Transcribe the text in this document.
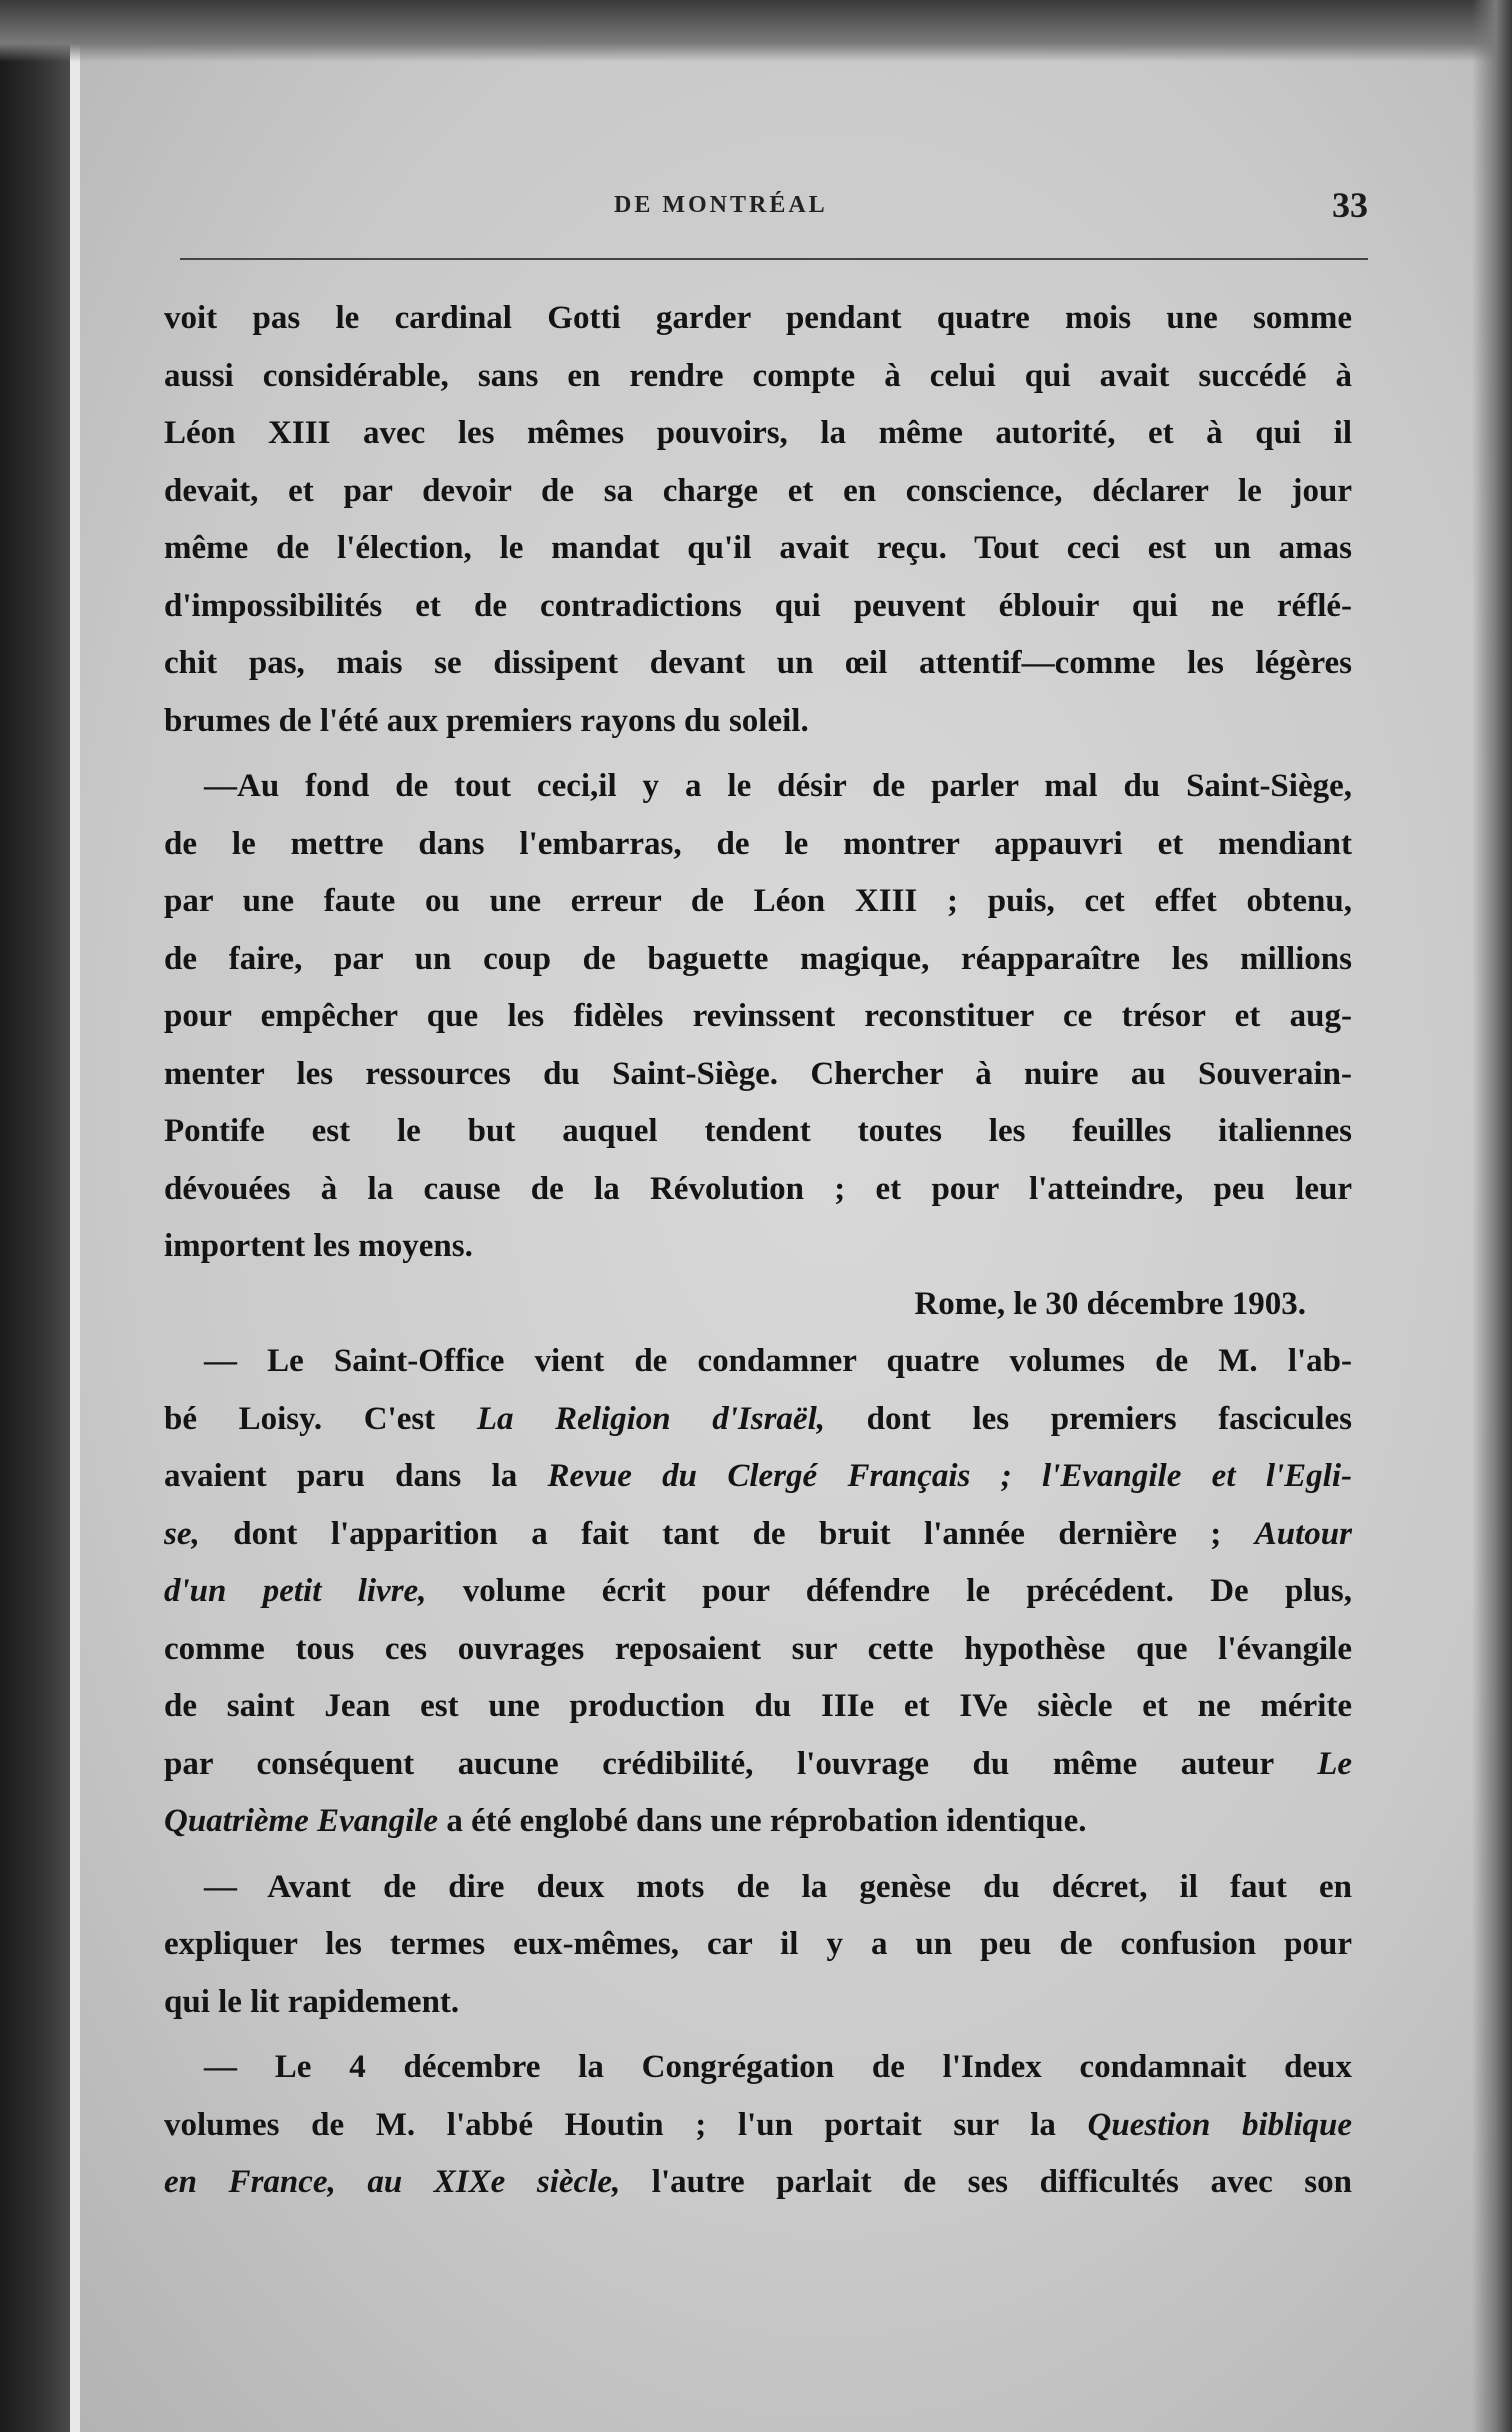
DE MONTRÉAL	33
voit pas le cardinal Gotti garder pendant quatre mois une somme
aussi considérable, sans en rendre compte à celui qui avait succédé à
Léon XIII avec les mêmes pouvoirs, la même autorité, et à qui il
devait, et par devoir de sa charge et en conscience, déclarer le jour
même de l'élection, le mandat qu'il avait reçu. Tout ceci est un amas
d'impossibilités et de contradictions qui peuvent éblouir qui ne réflé-
chit pas, mais se dissipent devant un œil attentif—comme les légères
brumes de l'été aux premiers rayons du soleil.
—Au fond de tout ceci,il y a le désir de parler mal du Saint-Siège,
de le mettre dans l'embarras, de le montrer appauvri et mendiant
par une faute ou une erreur de Léon XIII ; puis, cet effet obtenu,
de faire, par un coup de baguette magique, réapparaître les millions
pour empêcher que les fidèles revinssent reconstituer ce trésor et aug-
menter les ressources du Saint-Siège. Chercher à nuire au Souverain-
Pontife est le but auquel tendent toutes les feuilles italiennes
dévouées à la cause de la Révolution ; et pour l'atteindre, peu leur
importent les moyens.
Rome, le 30 décembre 1903.
— Le Saint-Office vient de condamner quatre volumes de M. l'ab-
bé Loisy. C'est La Religion d'Israël, dont les premiers fascicules
avaient paru dans la Revue du Clergé Français ; l'Evangile et l'Egli-
se, dont l'apparition a fait tant de bruit l'année dernière ; Autour
d'un petit livre, volume écrit pour défendre le précédent. De plus,
comme tous ces ouvrages reposaient sur cette hypothèse que l'évangile
de saint Jean est une production du IIIe et IVe siècle et ne mérite
par conséquent aucune crédibilité, l'ouvrage du même auteur Le
Quatrième Evangile a été englobé dans une réprobation identique.
— Avant de dire deux mots de la genèse du décret, il faut en
expliquer les termes eux-mêmes, car il y a un peu de confusion pour
qui le lit rapidement.
— Le 4 décembre la Congrégation de l'Index condamnait deux
volumes de M. l'abbé Houtin ; l'un portait sur la Question biblique
en France, au XIXe siècle, l'autre parlait de ses difficultés avec son
